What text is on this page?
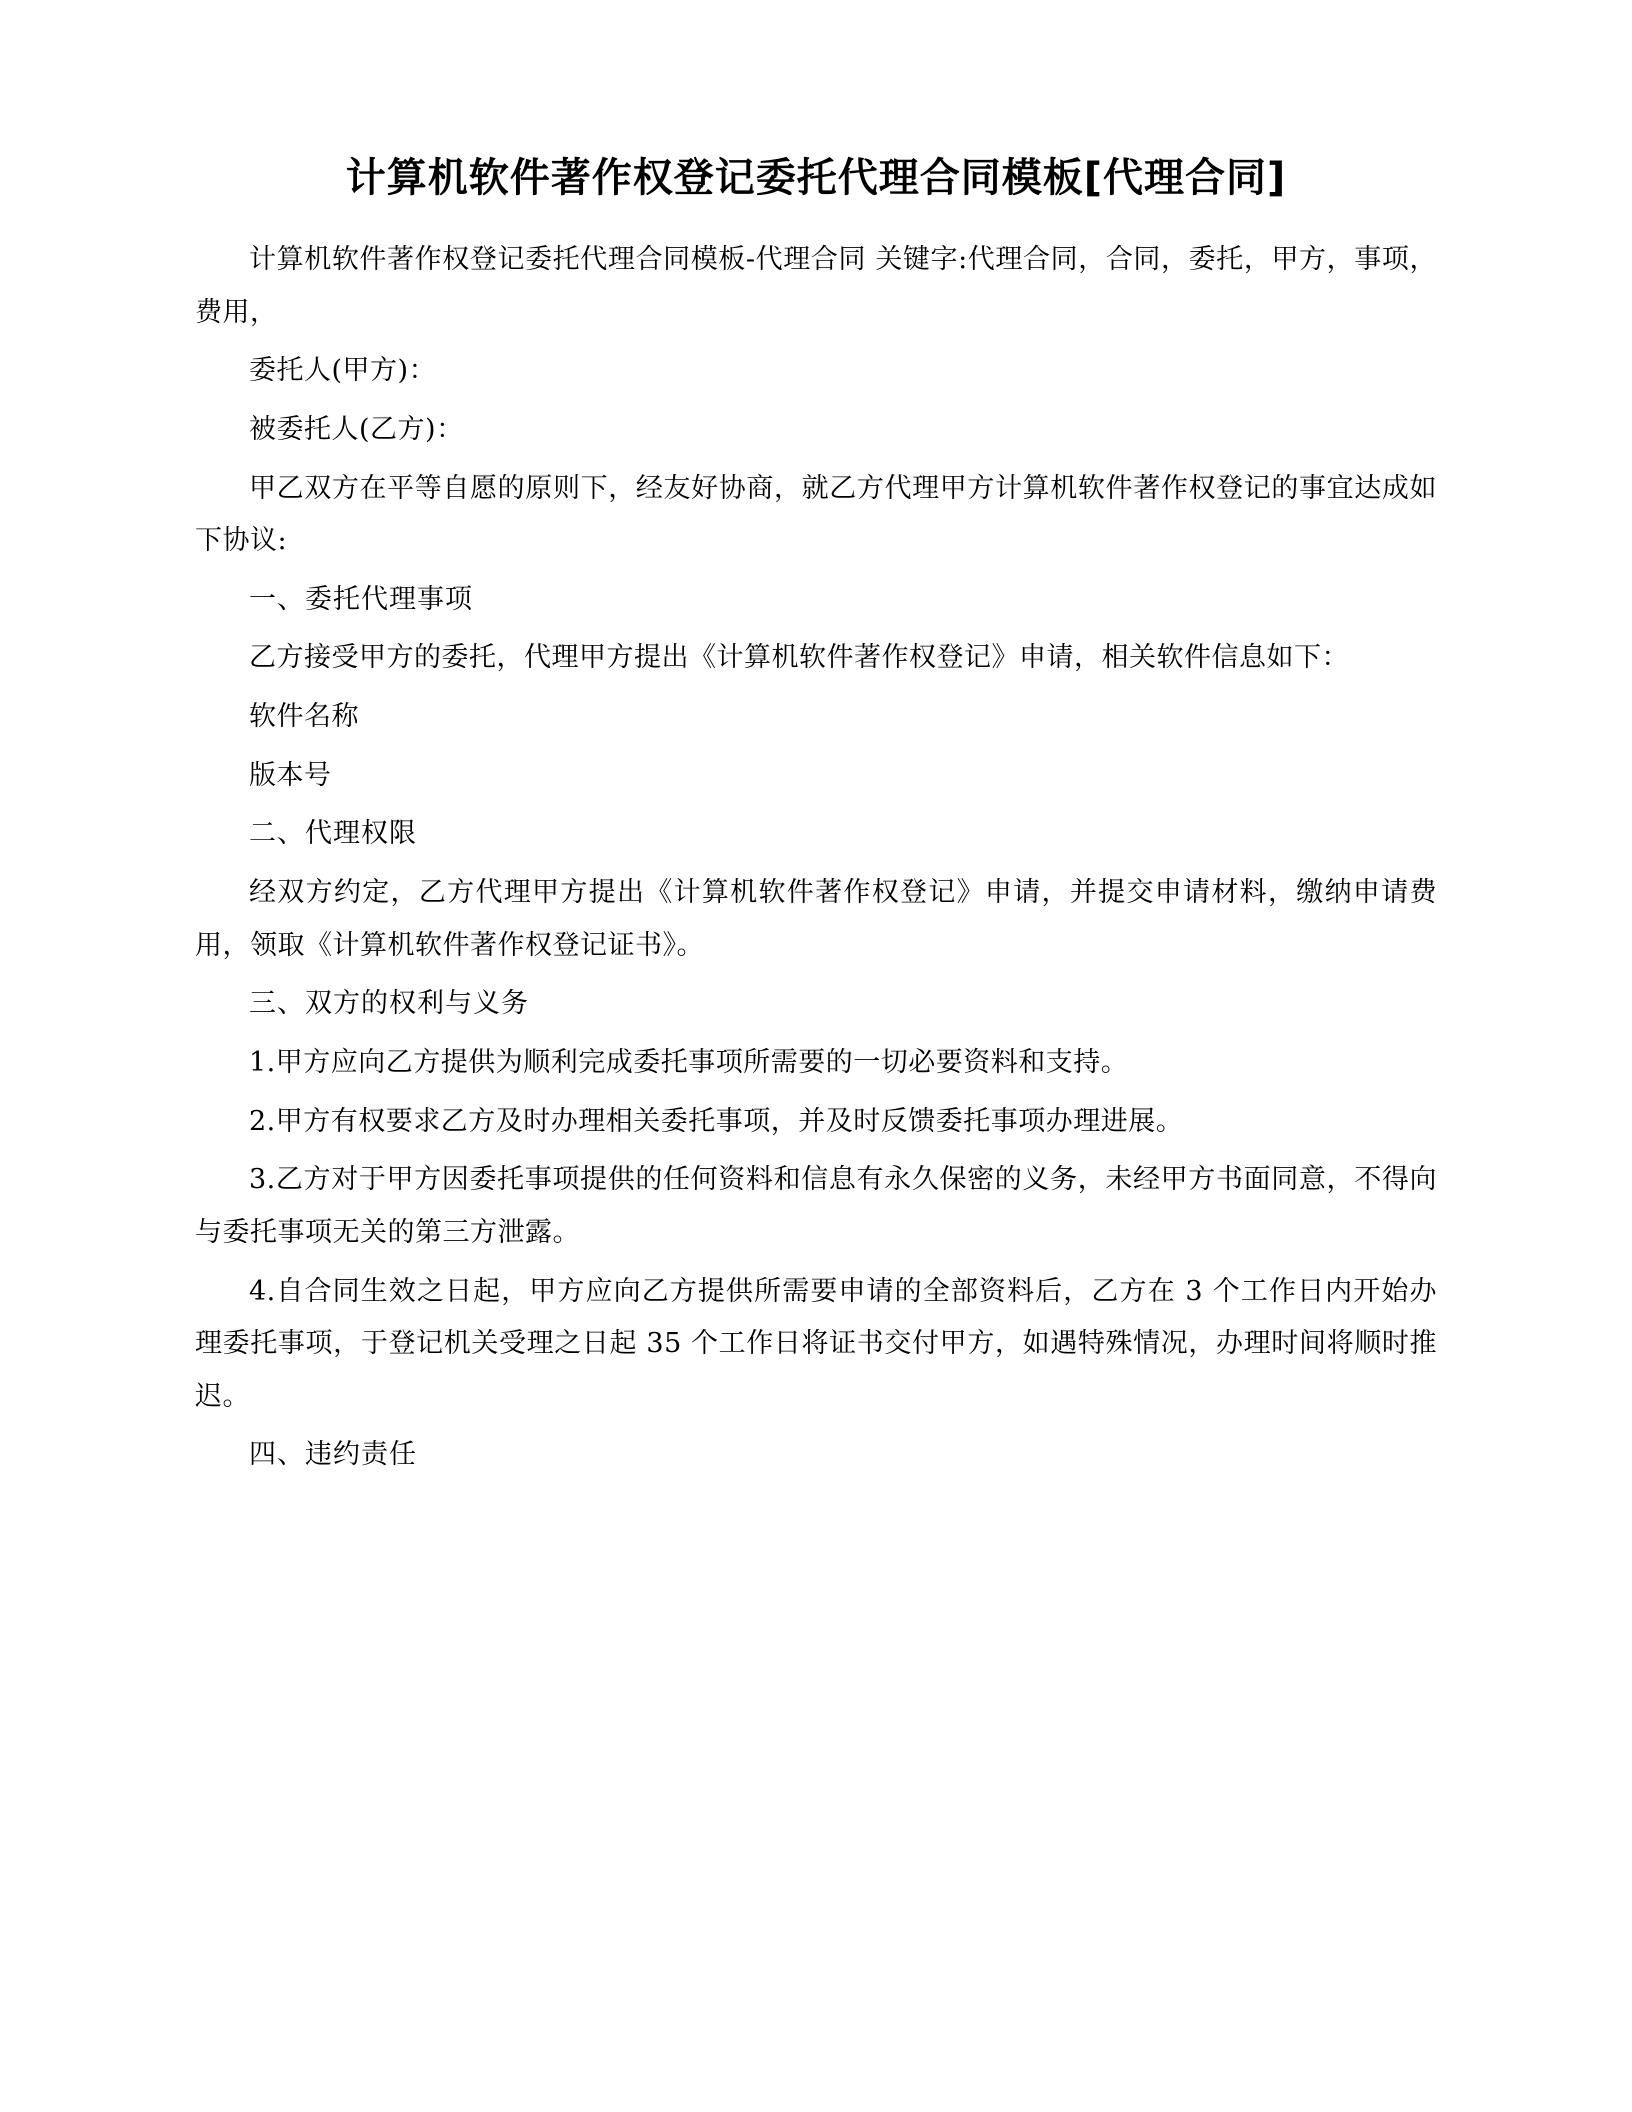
计算机软件著作权登记委托代理合同模板[代理合同]

计算机软件著作权登记委托代理合同模板-代理合同 关键字:代理合同，合同，委托，甲方，事项，费用，

委托人(甲方)：

被委托人(乙方)：

甲乙双方在平等自愿的原则下，经友好协商，就乙方代理甲方计算机软件著作权登记的事宜达成如下协议:

一、委托代理事项

乙方接受甲方的委托，代理甲方提出《计算机软件著作权登记》申请，相关软件信息如下：

软件名称

版本号

二、代理权限

经双方约定，乙方代理甲方提出《计算机软件著作权登记》申请，并提交申请材料，缴纳申请费用，领取《计算机软件著作权登记证书》。

三、双方的权利与义务

1.甲方应向乙方提供为顺利完成委托事项所需要的一切必要资料和支持。

2.甲方有权要求乙方及时办理相关委托事项，并及时反馈委托事项办理进展。

3.乙方对于甲方因委托事项提供的任何资料和信息有永久保密的义务，未经甲方书面同意，不得向与委托事项无关的第三方泄露。

4.自合同生效之日起，甲方应向乙方提供所需要申请的全部资料后，乙方在 3 个工作日内开始办理委托事项，于登记机关受理之日起 35 个工作日将证书交付甲方，如遇特殊情况，办理时间将顺时推迟。

四、违约责任
